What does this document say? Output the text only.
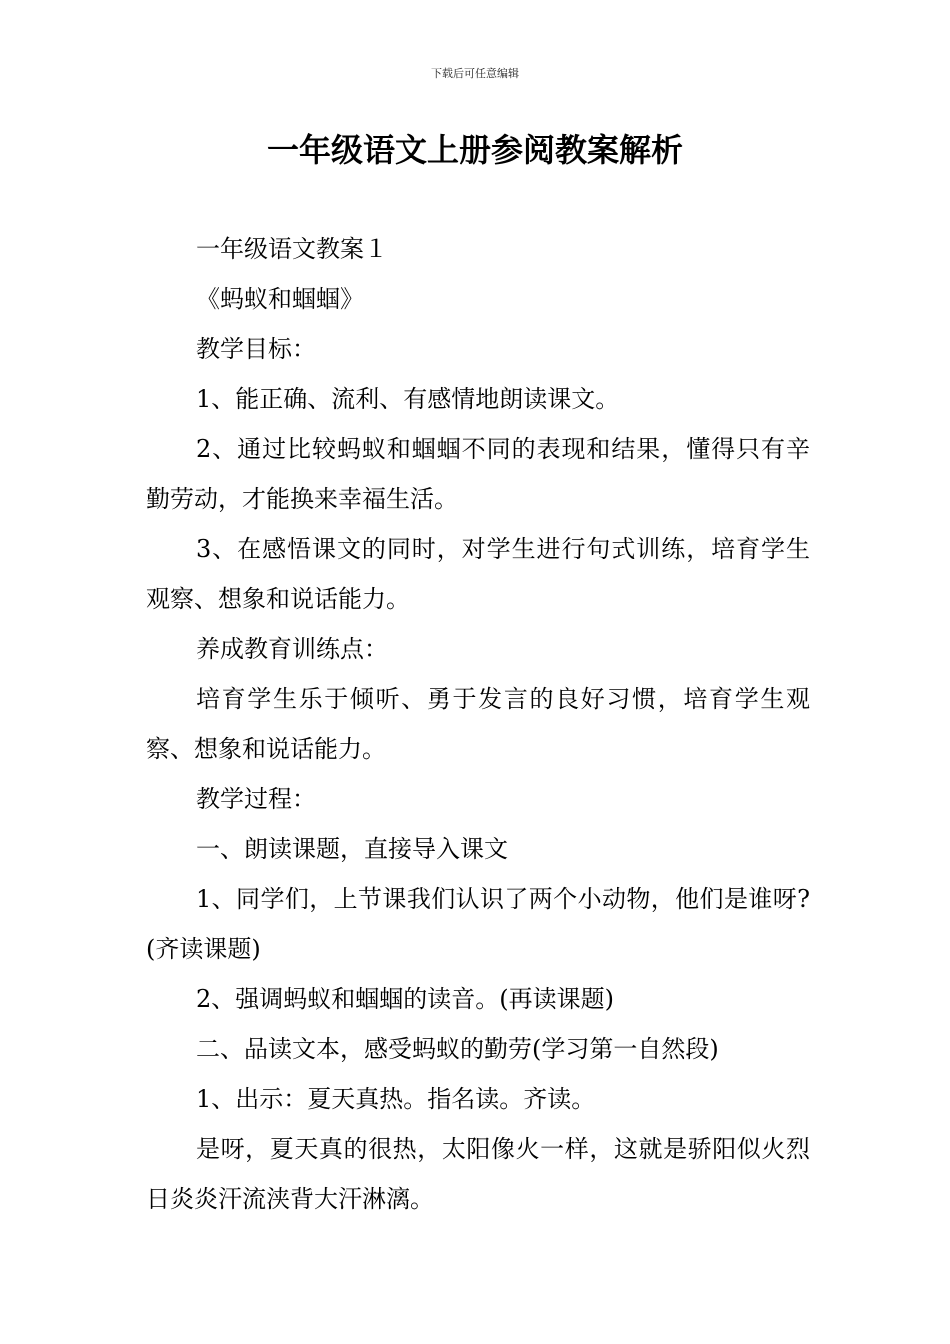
下载后可任意编辑
一年级语文上册参阅教案解析

一年级语文教案１

《蚂蚁和蝈蝈》

教学目标：

1、能正确、流利、有感情地朗读课文。

2、通过比较蚂蚁和蝈蝈不同的表现和结果，懂得只有辛勤劳动，才能换来幸福生活。

3、在感悟课文的同时，对学生进行句式训练，培育学生观察、想象和说话能力。

养成教育训练点：

培育学生乐于倾听、勇于发言的良好习惯，培育学生观察、想象和说话能力。

教学过程：

一、朗读课题，直接导入课文

1、同学们，上节课我们认识了两个小动物，他们是谁呀?(齐读课题)

2、强调蚂蚁和蝈蝈的读音。(再读课题)

二、品读文本，感受蚂蚁的勤劳(学习第一自然段)

1、出示：夏天真热。指名读。齐读。

是呀，夏天真的很热，太阳像火一样，这就是骄阳似火烈日炎炎汗流浃背大汗淋漓。
